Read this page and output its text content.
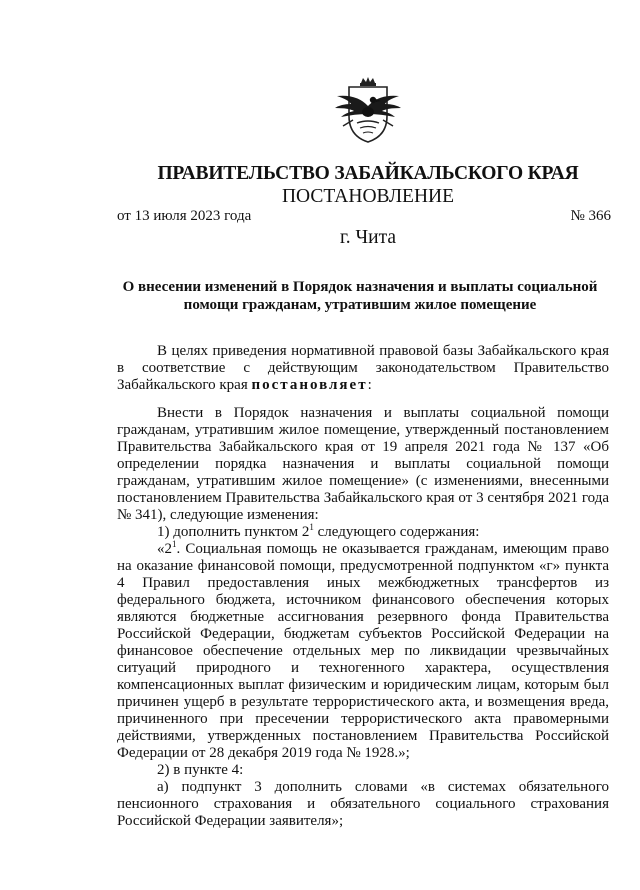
ПРАВИТЕЛЬСТВО ЗАБАЙКАЛЬСКОГО КРАЯ
ПОСТАНОВЛЕНИЕ
от 13 июля 2023 года	№ 366
г. Чита
О внесении изменений в Порядок назначения и выплаты социальной помощи гражданам, утратившим жилое помещение

В целях приведения нормативной правовой базы Забайкальского края в соответствие с действующим законодательством Правительство Забайкальского края постановляет:

Внести в Порядок назначения и выплаты социальной помощи гражданам, утратившим жилое помещение, утвержденный постановлением Правительства Забайкальского края от 19 апреля 2021 года № 137 «Об определении порядка назначения и выплаты социальной помощи гражданам, утратившим жилое помещение» (с изменениями, внесенными постановлением Правительства Забайкальского края от 3 сентября 2021 года № 341), следующие изменения:

1) дополнить пунктом $2^1$ следующего содержания:

«$2^1$. Социальная помощь не оказывается гражданам, имеющим право на оказание финансовой помощи, предусмотренной подпунктом «г» пункта 4 Правил предоставления иных межбюджетных трансфертов из федерального бюджета, источником финансового обеспечения которых являются бюджетные ассигнования резервного фонда Правительства Российской Федерации, бюджетам субъектов Российской Федерации на финансовое обеспечение отдельных мер по ликвидации чрезвычайных ситуаций природного и техногенного характера, осуществления компенсационных выплат физическим и юридическим лицам, которым был причинен ущерб в результате террористического акта, и возмещения вреда, причиненного при пресечении террористического акта правомерными действиями, утвержденных постановлением Правительства Российской Федерации от 28 декабря 2019 года № 1928.»;

2) в пункте 4:

а) подпункт 3 дополнить словами «в системах обязательного пенсионного страхования и обязательного социального страхования Российской Федерации заявителя»;
